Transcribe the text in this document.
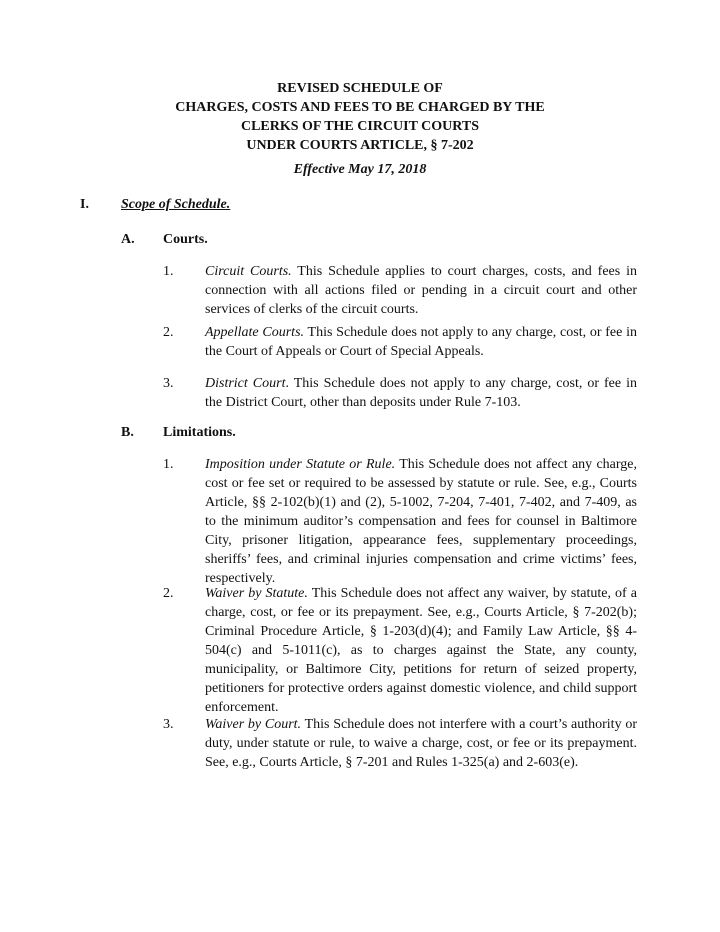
REVISED SCHEDULE OF
CHARGES, COSTS AND FEES TO BE CHARGED BY THE
CLERKS OF THE CIRCUIT COURTS
UNDER COURTS ARTICLE, § 7-202
Effective May 17, 2018
I. Scope of Schedule.
A. Courts.
1. Circuit Courts. This Schedule applies to court charges, costs, and fees in connection with all actions filed or pending in a circuit court and other services of clerks of the circuit courts.
2. Appellate Courts. This Schedule does not apply to any charge, cost, or fee in the Court of Appeals or Court of Special Appeals.
3. District Court. This Schedule does not apply to any charge, cost, or fee in the District Court, other than deposits under Rule 7-103.
B. Limitations.
1. Imposition under Statute or Rule. This Schedule does not affect any charge, cost or fee set or required to be assessed by statute or rule. See, e.g., Courts Article, §§ 2-102(b)(1) and (2), 5-1002, 7-204, 7-401, 7-402, and 7-409, as to the minimum auditor’s compensation and fees for counsel in Baltimore City, prisoner litigation, appearance fees, supplementary proceedings, sheriffs’ fees, and criminal injuries compensation and crime victims’ fees, respectively.
2. Waiver by Statute. This Schedule does not affect any waiver, by statute, of a charge, cost, or fee or its prepayment. See, e.g., Courts Article, § 7-202(b); Criminal Procedure Article, § 1-203(d)(4); and Family Law Article, §§ 4-504(c) and 5-1011(c), as to charges against the State, any county, municipality, or Baltimore City, petitions for return of seized property, petitioners for protective orders against domestic violence, and child support enforcement.
3. Waiver by Court. This Schedule does not interfere with a court’s authority or duty, under statute or rule, to waive a charge, cost, or fee or its prepayment. See, e.g., Courts Article, § 7-201 and Rules 1-325(a) and 2-603(e).
